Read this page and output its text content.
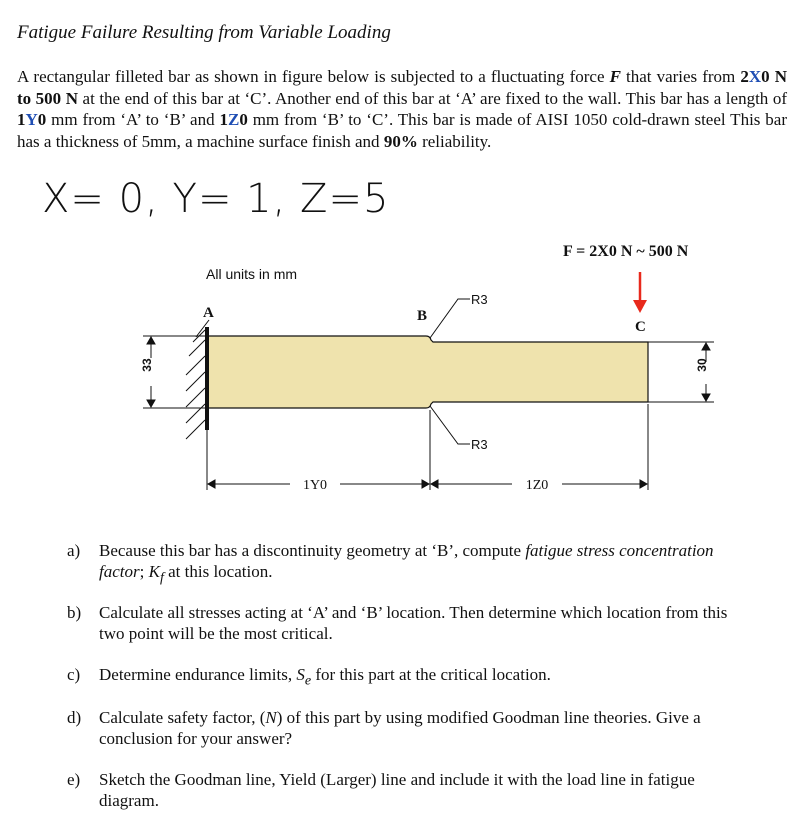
Fatigue Failure Resulting from Variable Loading
A rectangular filleted bar as shown in figure below is subjected to a fluctuating force F that varies from 2X0 N to 500 N at the end of this bar at ‘C’. Another end of this bar at ‘A’ are fixed to the wall. This bar has a length of 1Y0 mm from ‘A’ to ‘B’ and 1Z0 mm from ‘B’ to ‘C’. This bar is made of AISI 1050 cold-drawn steel This bar has a thickness of 5mm, a machine surface finish and 90% reliability.
X= 0, Y= 1, Z=5
F = 2X0 N ~ 500 N
All units in mm
A	B
C
R3
R3
33	30
1Y0	1Z0
a) Because this bar has a discontinuity geometry at ‘B’, compute fatigue stress concentration factor; $K_f$ at this location.
b) Calculate all stresses acting at ‘A’ and ‘B’ location. Then determine which location from this two point will be the most critical.
c) Determine endurance limits, $S_e$ for this part at the critical location.
d) Calculate safety factor, (N) of this part by using modified Goodman line theories. Give a conclusion for your answer?
e) Sketch the Goodman line, Yield (Larger) line and include it with the load line in fatigue diagram.
